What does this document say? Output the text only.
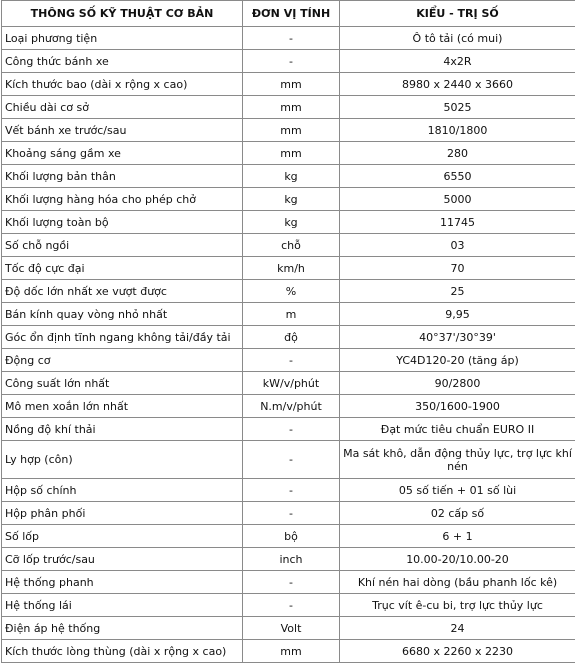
THÔNG SỐ KỸ THUẬT CƠ BẢN	ĐƠN VỊ TÍNH	KIỂU - TRỊ SỐ
Loại phương tiện	-	Ô tô tải (có mui)
Công thức bánh xe	-	4x2R
Kích thước bao (dài x rộng x cao)	mm	8980 x 2440 x 3660
Chiều dài cơ sở	mm	5025
Vết bánh xe trước/sau	mm	1810/1800
Khoảng sáng gầm xe	mm	280
Khối lượng bản thân	kg	6550
Khối lượng hàng hóa cho phép chở	kg	5000
Khối lượng toàn bộ	kg	11745
Số chỗ ngồi	chỗ	03
Tốc độ cực đại	km/h	70
Độ dốc lớn nhất xe vượt được	%	25
Bán kính quay vòng nhỏ nhất	m	9,95
Góc ổn định tĩnh ngang không tải/đầy tải	độ	40°37'/30°39'
Động cơ	-	YC4D120-20 (tăng áp)
Công suất lớn nhất	kW/v/phút	90/2800
Mô men xoắn lớn nhất	N.m/v/phút	350/1600-1900
Nồng độ khí thải	-	Đạt mức tiêu chuẩn EURO II
Ly hợp (côn)	-	Ma sát khô, dẫn động thủy lực, trợ lực khí nén
Hộp số chính	-	05 số tiến + 01 số lùi
Hộp phân phối	-	02 cấp số
Số lốp	bộ	6 + 1
Cỡ lốp trước/sau	inch	10.00-20/10.00-20
Hệ thống phanh	-	Khí nén hai dòng (bầu phanh lốc kê)
Hệ thống lái	-	Trục vít ê-cu bi, trợ lực thủy lực
Điện áp hệ thống	Volt	24
Kích thước lòng thùng (dài x rộng x cao)	mm	6680 x 2260 x 2230
